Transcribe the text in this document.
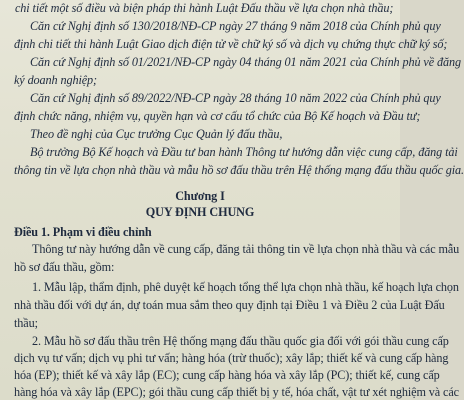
chi tiết một số điều và biện pháp thi hành Luật Đấu thầu về lựa chọn nhà thầu;
Căn cứ Nghị định số 130/2018/NĐ-CP ngày 27 tháng 9 năm 2018 của Chính phủ quy
định chi tiết thi hành Luật Giao dịch điện tử về chữ ký số và dịch vụ chứng thực chữ ký số;
Căn cứ Nghị định số 01/2021/NĐ-CP ngày 04 tháng 01 năm 2021 của Chính phủ về đăng
ký doanh nghiệp;
Căn cứ Nghị định số 89/2022/NĐ-CP ngày 28 tháng 10 năm 2022 của Chính phủ quy
định chức năng, nhiệm vụ, quyền hạn và cơ cấu tổ chức của Bộ Kế hoạch và Đầu tư;
Theo đề nghị của Cục trưởng Cục Quản lý đấu thầu,
Bộ trưởng Bộ Kế hoạch và Đầu tư ban hành Thông tư hướng dẫn việc cung cấp, đăng tải
thông tin về lựa chọn nhà thầu và mẫu hồ sơ đấu thầu trên Hệ thống mạng đấu thầu quốc gia.
Chương I
QUY ĐỊNH CHUNG
Điều 1. Phạm vi điều chỉnh
Thông tư này hướng dẫn về cung cấp, đăng tải thông tin về lựa chọn nhà thầu và các mẫu
hồ sơ đấu thầu, gồm:
1. Mẫu lập, thẩm định, phê duyệt kế hoạch tổng thể lựa chọn nhà thầu, kế hoạch lựa chọn
nhà thầu đối với dự án, dự toán mua sắm theo quy định tại Điều 1 và Điều 2 của Luật Đấu
thầu;
2. Mẫu hồ sơ đấu thầu trên Hệ thống mạng đấu thầu quốc gia đối với gói thầu cung cấp
dịch vụ tư vấn; dịch vụ phi tư vấn; hàng hóa (trừ thuốc); xây lắp; thiết kế và cung cấp hàng
hóa (EP); thiết kế và xây lắp (EC); cung cấp hàng hóa và xây lắp (PC); thiết kế, cung cấp
hàng hóa và xây lắp (EPC); gói thầu cung cấp thiết bị y tế, hóa chất, vật tư xét nghiệm và các
